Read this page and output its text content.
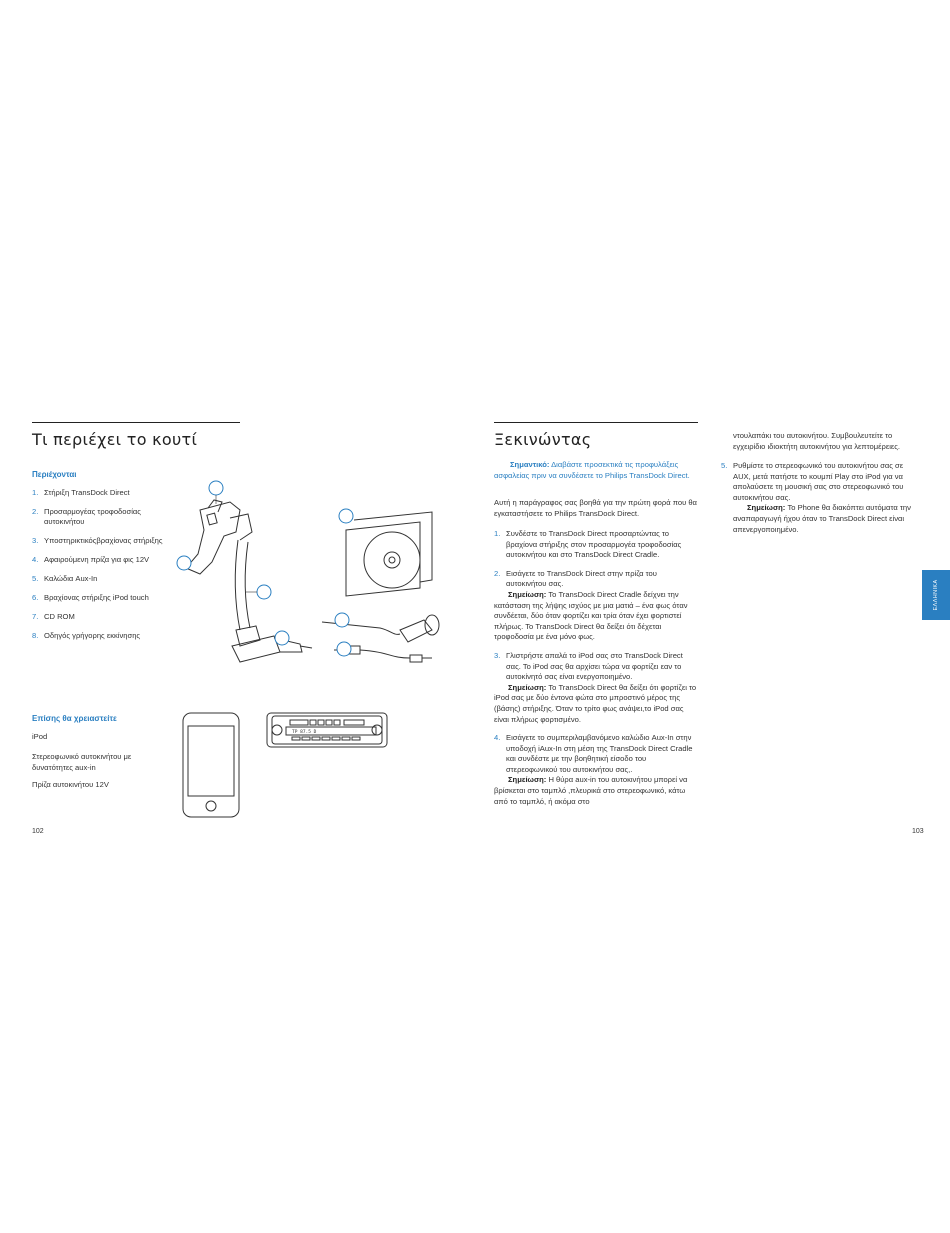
Τι περιέχει το κουτί

Περιέχονται

1. Στήριξη TransDock Direct
2. Προσαρμογέας τροφοδοσίας αυτοκινήτου
3. Υποστηρικτικόςβραχίονας στήριξης
4. Αφαιρούμενη πρίζα για φις 12V
5. Καλώδια Aux-In
6. Βραχίονας στήριξης iPod touch
7. CD ROM
8. Οδηγός γρήγορης εκκίνησης

Επίσης θα χρειαστείτε

iPod

Στερεοφωνικό αυτοκινήτου με δυνατότητες aux-in

Πρίζα αυτοκινήτου 12V

102
TP 87.5 D
Ξεκινώντας

Σημαντικό: Διαβάστε προσεκτικά τις προφυλάξεις ασφαλείας πριν να συνδέσετε το Philips TransDock Direct.

Αυτή η παράγραφος σας βοηθά για την πρώτη φορά που θα εγκαταστήσετε το Philips TransDock Direct.

1. Συνδέστε το TransDock Direct προσαρτώντας το βραχίονα στήριξης στον προσαρμογέα τροφοδοσίας αυτοκινήτου και στο TransDock Direct Cradle.
2. Εισάγετε το TransDock Direct στην πρίζα του αυτοκινήτου σας.
Σημείωση: Το TransDock Direct Cradle δείχνει την κατάσταση της λήψης ισχύος με μια ματιά – ένα φως όταν συνδέεται, δύο όταν φορτίζει και τρία όταν έχει φορτιστεί πλήρως. Το TransDock Direct θα δείξει ότι δέχεται τροφοδοσία με ένα μόνο φως.
3. Γλιστρήστε απαλά το iPod σας στο TransDock Direct σας. Το iPod σας θα αρχίσει τώρα να φορτίζει εαν το αυτοκίνητό σας είναι ενεργοποιημένο.
Σημείωση: Το TransDock Direct θα δείξει ότι φορτίζει το iPod σας με δύο έντονα φώτα στο μπροστινό μέρος της (βάσης) στήριξης. Όταν το τρίτο φως ανάψει,το iPod σας είναι πλήρως φορτισμένο.
4. Εισάγετε το συμπεριλαμβανόμενο καλώδιο Aux-In στην υποδοχή iAux-In στη μέση της TransDock Direct Cradle και συνδέστε με την βοηθητική είσοδο του στερεοφωνικού του αυτοκινήτου σας,.
Σημείωση: Η θύρα aux-in του αυτοκινήτου μπορεί να βρίσκεται στο ταμπλό ,πλευρικά στο στερεοφωνικό, κάτω από το ταμπλό, ή ακόμα στο

ντουλαπάκι του αυτοκινήτου. Συμβουλευτείτε το εγχειρίδιο ιδιοκτήτη αυτοκινήτου για λεπτομέρειες.

5. Ρυθμίστε το στερεοφωνικό του αυτοκινήτου σας σε AUX, μετά πατήστε το κουμπί Play στο iPod για να απολαύσετε τη μουσική σας στο στερεοφωνικό του αυτοκινήτου σας.
Σημείωση: To Phone θα διακόπτει αυτόματα την αναπαραγωγή ήχου όταν το TransDock Direct είναι απενεργοποιημένο.
103
ΕΛΛΗΝΙΚΑ
